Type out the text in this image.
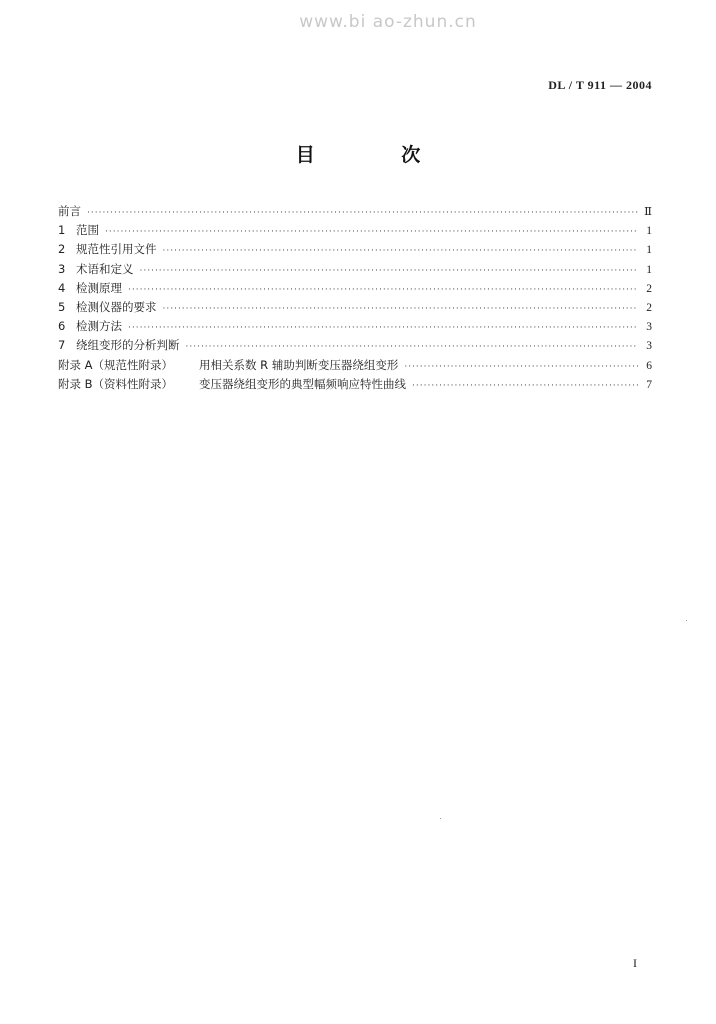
www.bi ao-zhun.cn
DL / T 911 — 2004
目 次
前言 ·····	Ⅱ
1 范围 ·····	1
2 规范性引用文件 ·····	1
3 术语和定义 ·····	1
4 检测原理 ·····	2
5 检测仪器的要求 ·····	2
6 检测方法 ·····	3
7 绕组变形的分析判断 ·····	3
附录 A（规范性附录） 用相关系数 R 辅助判断变压器绕组变形 ·····	6
附录 B（资料性附录） 变压器绕组变形的典型幅频响应特性曲线 ·····	7
I
